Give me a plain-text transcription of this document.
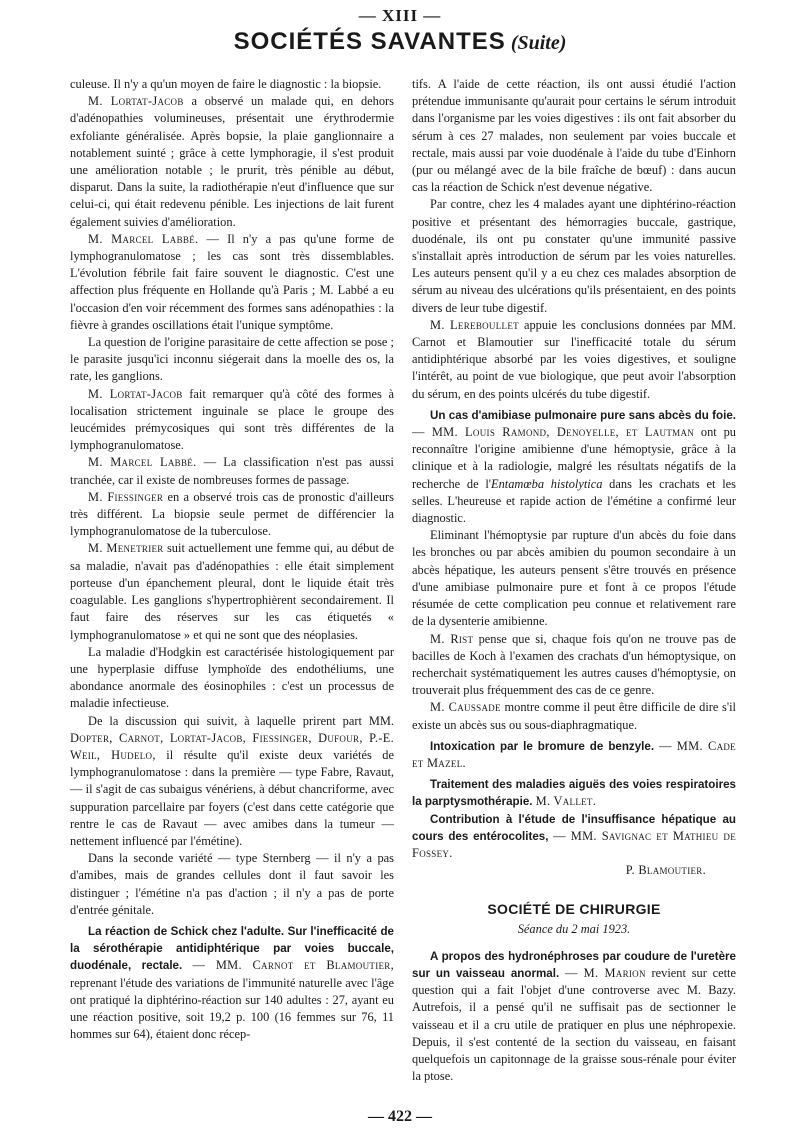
— XIII —
SOCIÉTÉS SAVANTES (Suite)

culeuse. Il n'y a qu'un moyen de faire le diagnostic : la biopsie.

M. Lortat-Jacob a observé un malade qui, en dehors d'adénopathies volumineuses, présentait une érythrodermie exfoliante généralisée. Après bopsie, la plaie ganglionnaire a notablement suinté ; grâce à cette lymphoragie, il s'est produit une amélioration notable ; le prurit, très pénible au début, disparut. Dans la suite, la radiothérapie n'eut d'influence que sur celui-ci, qui était redevenu pénible. Les injections de lait furent également suivies d'amélioration.

M. Marcel Labbé. — Il n'y a pas qu'une forme de lymphogranulomatose ; les cas sont très dissemblables. L'évolution fébrile fait faire souvent le diagnostic. C'est une affection plus fréquente en Hollande qu'à Paris ; M. Labbé a eu l'occasion d'en voir récemment des formes sans adénopathies : la fièvre à grandes oscillations était l'unique symptôme.

La question de l'origine parasitaire de cette affection se pose ; le parasite jusqu'ici inconnu siégerait dans la moelle des os, la rate, les ganglions.

M. Lortat-Jacob fait remarquer qu'à côté des formes à localisation strictement inguinale se place le groupe des leucémides prémycosiques qui sont très différentes de la lymphogranulomatose.

M. Marcel Labbé. — La classification n'est pas aussi tranchée, car il existe de nombreuses formes de passage.

M. Fiessinger en a observé trois cas de pronostic d'ailleurs très différent. La biopsie seule permet de différencier la lymphogranulomatose de la tuberculose.

M. Menetrier suit actuellement une femme qui, au début de sa maladie, n'avait pas d'adénopathies : elle était simplement porteuse d'un épanchement pleural, dont le liquide était très coagulable. Les ganglions s'hypertrophièrent secondairement. Il faut faire des réserves sur les cas étiquetés « lymphogranulomatose » et qui ne sont que des néoplasies.

La maladie d'Hodgkin est caractérisée histologiquement par une hyperplasie diffuse lymphoïde des endothéliums, une abondance anormale des éosinophiles : c'est un processus de maladie infectieuse.

De la discussion qui suivit, à laquelle prirent part MM. Dopter, Carnot, Lortat-Jacob, Fiessinger, Dufour, P.-E. Weil, Hudelo, il résulte qu'il existe deux variétés de lymphogranulomatose : dans la première — type Fabre, Ravaut, — il s'agit de cas subaigus vénériens, à début chancriforme, avec suppuration parcellaire par foyers (c'est dans cette catégorie que rentre le cas de Ravaut — avec amibes dans la tumeur — nettement influencé par l'émétine).

Dans la seconde variété — type Sternberg — il n'y a pas d'amibes, mais de grandes cellules dont il faut savoir les distinguer ; l'émétine n'a pas d'action ; il n'y a pas de porte d'entrée génitale.

La réaction de Schick chez l'adulte. Sur l'inefficacité de la sérothérapie antidiphtérique par voies buccale, duodénale, rectale. — MM. Carnot et Blamoutier, reprenant l'étude des variations de l'immunité naturelle avec l'âge ont pratiqué la diphtérino-réaction sur 140 adultes : 27, ayant eu une réaction positive, soit 19,2 p. 100 (16 femmes sur 76, 11 hommes sur 64), étaient donc récep-

tifs. A l'aide de cette réaction, ils ont aussi étudié l'action prétendue immunisante qu'aurait pour certains le sérum introduit dans l'organisme par les voies digestives : ils ont fait absorber du sérum à ces 27 malades, non seulement par voies buccale et rectale, mais aussi par voie duodénale à l'aide du tube d'Einhorn (pur ou mélangé avec de la bile fraîche de bœuf) : dans aucun cas la réaction de Schick n'est devenue négative.

Par contre, chez les 4 malades ayant une diphtérino-réaction positive et présentant des hémorragies buccale, gastrique, duodénale, ils ont pu constater qu'une immunité passive s'installait après introduction de sérum par les voies naturelles. Les auteurs pensent qu'il y a eu chez ces malades absorption de sérum au niveau des ulcérations qu'ils présentaient, en des points divers de leur tube digestif.

M. Lereboullet appuie les conclusions données par MM. Carnot et Blamoutier sur l'inefficacité totale du sérum antidiphtérique absorbé par les voies digestives, et souligne l'intérêt, au point de vue biologique, que peut avoir l'absorption du sérum, en des points ulcérés du tube digestif.

Un cas d'amibiase pulmonaire pure sans abcès du foie. — MM. Louis Ramond, Denoyelle, et Lautman ont pu reconnaître l'origine amibienne d'une hémoptysie, grâce à la clinique et à la radiologie, malgré les résultats négatifs de la recherche de l'Entamœba histolytica dans les crachats et les selles. L'heureuse et rapide action de l'émétine a confirmé leur diagnostic.

Eliminant l'hémoptysie par rupture d'un abcès du foie dans les bronches ou par abcès amibien du poumon secondaire à un abcès hépatique, les auteurs pensent s'être trouvés en présence d'une amibiase pulmonaire pure et font à ce propos l'étude résumée de cette complication peu connue et relativement rare de la dysenterie amibienne.

M. Rist pense que si, chaque fois qu'on ne trouve pas de bacilles de Koch à l'examen des crachats d'un hémoptysique, on recherchait systématiquement les autres causes d'hémoptysie, on trouverait plus fréquemment des cas de ce genre.

M. Caussade montre comme il peut être difficile de dire s'il existe un abcès sus ou sous-diaphragmatique.

Intoxication par le bromure de benzyle. — MM. Cade et Mazel.

Traitement des maladies aiguës des voies respiratoires la parptysmothérapie. M. Vallet.

Contribution à l'étude de l'insuffisance hépatique au cours des entérocolites, — MM. Savignac et Mathieu de Fossey.
P. Blamoutier.

SOCIÉTÉ DE CHIRURGIE

Séance du 2 mai 1923.

A propos des hydronéphroses par coudure de l'uretère sur un vaisseau anormal. — M. Marion revient sur cette question qui a fait l'objet d'une controverse avec M. Bazy. Autrefois, il a pensé qu'il ne suffisait pas de sectionner le vaisseau et il a cru utile de pratiquer en plus une néphropexie. Depuis, il s'est contenté de la section du vaisseau, en faisant quelquefois un capitonnage de la graisse sous-rénale pour éviter la ptose.

— 422 —
